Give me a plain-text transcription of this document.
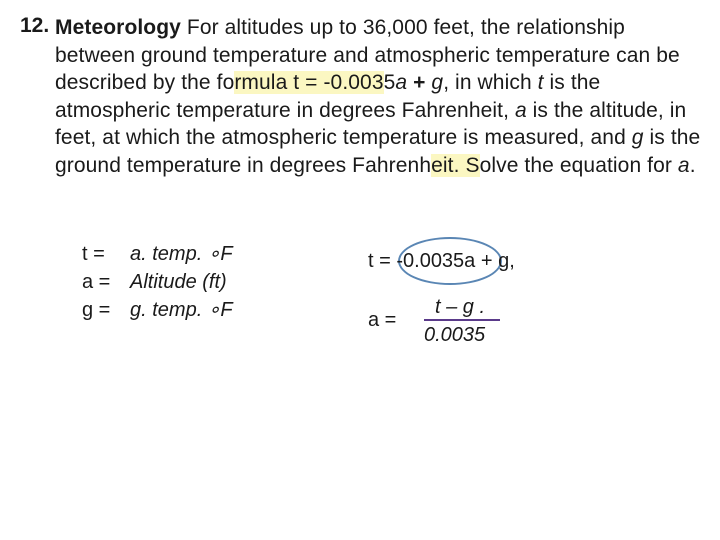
12. Meteorology For altitudes up to 36,000 feet, the relationship between ground temperature and atmospheric temperature can be described by the formula t = -0.0035a + g, in which t is the atmospheric temperature in degrees Fahrenheit, a is the altitude, in feet, at which the atmospheric temperature is measured, and g is the ground temperature in degrees Fahrenheit. Solve the equation for a.
t = a. temp. ∘F
a = Altitude (ft)
g = g. temp. ∘F
t = -0.0035a + g,
a =
t – g .
0.0035
